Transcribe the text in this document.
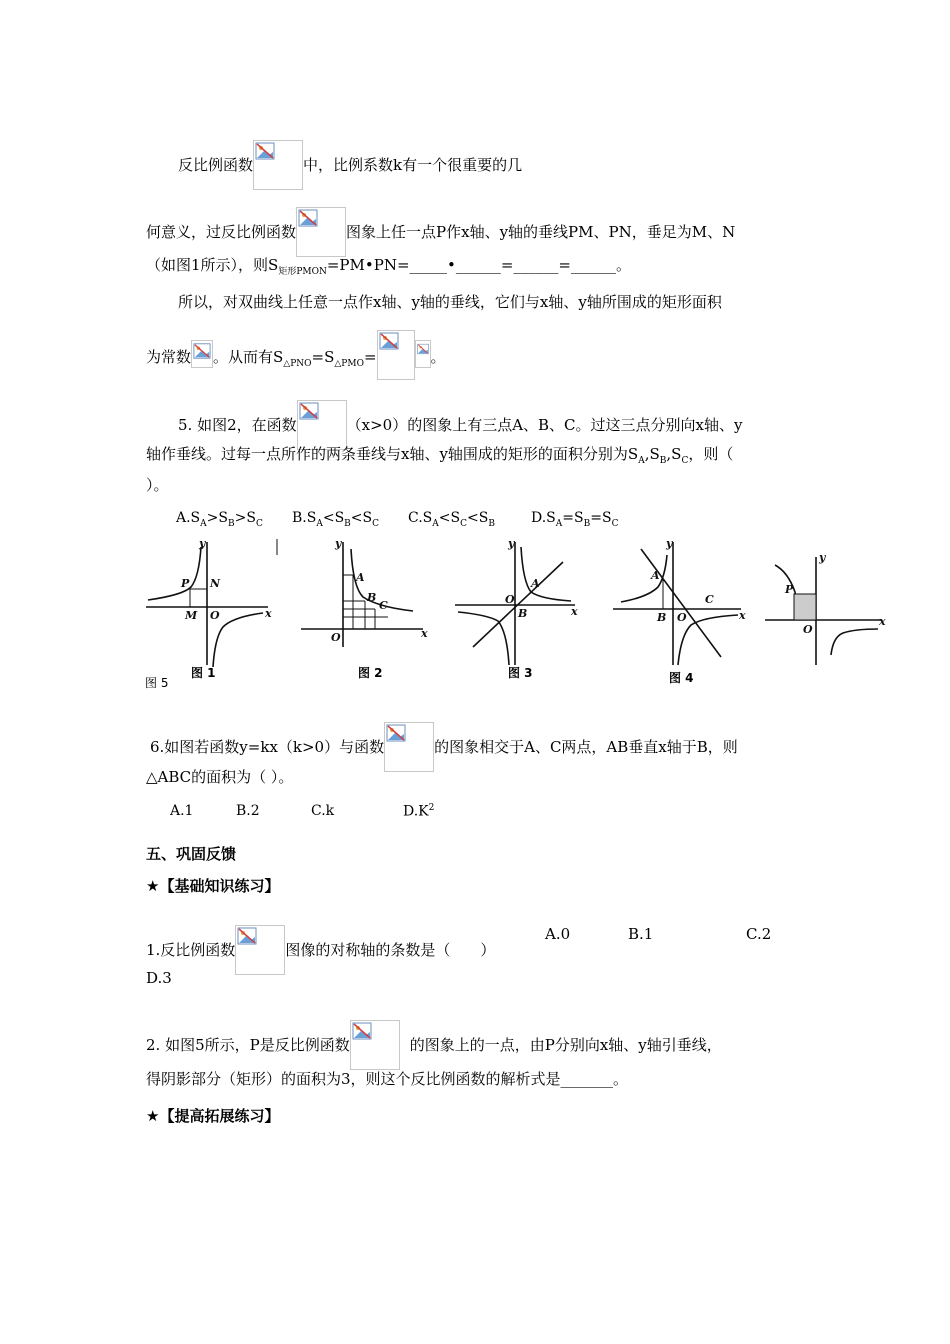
反比例函数	中，比例系数k有一个很重要的几
何意义，过反比例函数	图象上任一点P作x轴、y轴的垂线PM、PN，垂足为M、N
（如图1所示），则$S_{矩形PMON}=PM•PN=\_\_\_\_\_•\_\_\_\_\_\_=\_\_\_\_\_\_=\_\_\_\_\_\_$。
所以，对双曲线上任意一点作x轴、y轴的垂线，它们与x轴、y轴所围成的矩形面积
为常数 。从而有$S_{\triangle PNO}=S_{\triangle PMO}=$	。
5. 如图2，在函数	（x>0）的图象上有三点A、B、C。过这三点分别向x轴、y
轴作垂线。过每一点所作的两条垂线与x轴、y轴围成的矩形的面积分别为$S_A,S_B,S_C$，则（
）。
$A.S_A>S_B>S_C$ $B.S_A<S_B<S_C$ $C.S_A<S_C<S_B$	$D.S_A=S_B=S_C$
y
x
P N
M O
y
x
A
B
C
O
y
x
A
O
B
y
x
A
B O
C
y
x
P
O
图 1	图 2	图 3	图 4
图 5
6.如图若函数y=kx（k>0）与函数	的图象相交于A、C两点，AB垂直x轴于B，则
△ABC的面积为（ ）。
A.1	B.2	C.k	$D.K^2$
五、巩固反馈
★【基础知识练习】
1.反比例函数	图像的对称轴的条数是（　　）
A.0	B.1	C.2
D.3
2. 如图5所示，P是反比例函数	的图象上的一点，由P分别向x轴、y轴引垂线，
得阴影部分（矩形）的面积为3，则这个反比例函数的解析式是_______。
★【提高拓展练习】
